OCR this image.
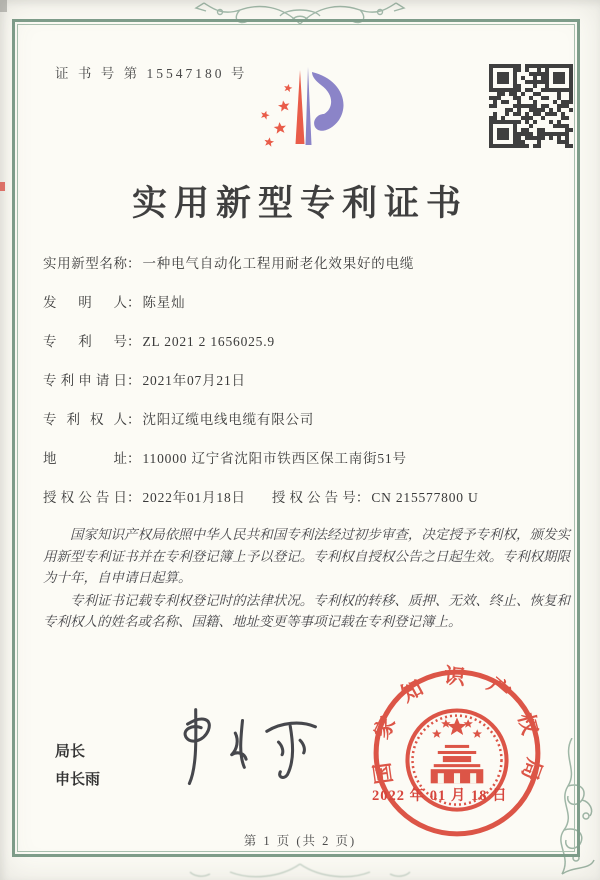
证 书 号 第 15547180 号
实用新型专利证书
实用新型名称： 一种电气自动化工程用耐老化效果好的电缆
发明人： 陈星灿
专利号： ZL 2021 2 1656025.9
专利申请日： 2021年07月21日
专利权人： 沈阳辽缆电线电缆有限公司
地址： 110000 辽宁省沈阳市铁西区保工南街51号
授权公告日： 2022年01月18日 授权公告号： CN 215577800 U

国家知识产权局依照中华人民共和国专利法经过初步审查，决定授予专利权，颁发实用新型专利证书并在专利登记簿上予以登记。专利权自授权公告之日起生效。专利权期限为十年，自申请日起算。

专利证书记载专利权登记时的法律状况。专利权的转移、质押、无效、终止、恢复和专利权人的姓名或名称、国籍、地址变更等事项记载在专利登记簿上。

局长
申长雨	国家知识产权局
2022 年 01 月 18 日
第 1 页 (共 2 页)
